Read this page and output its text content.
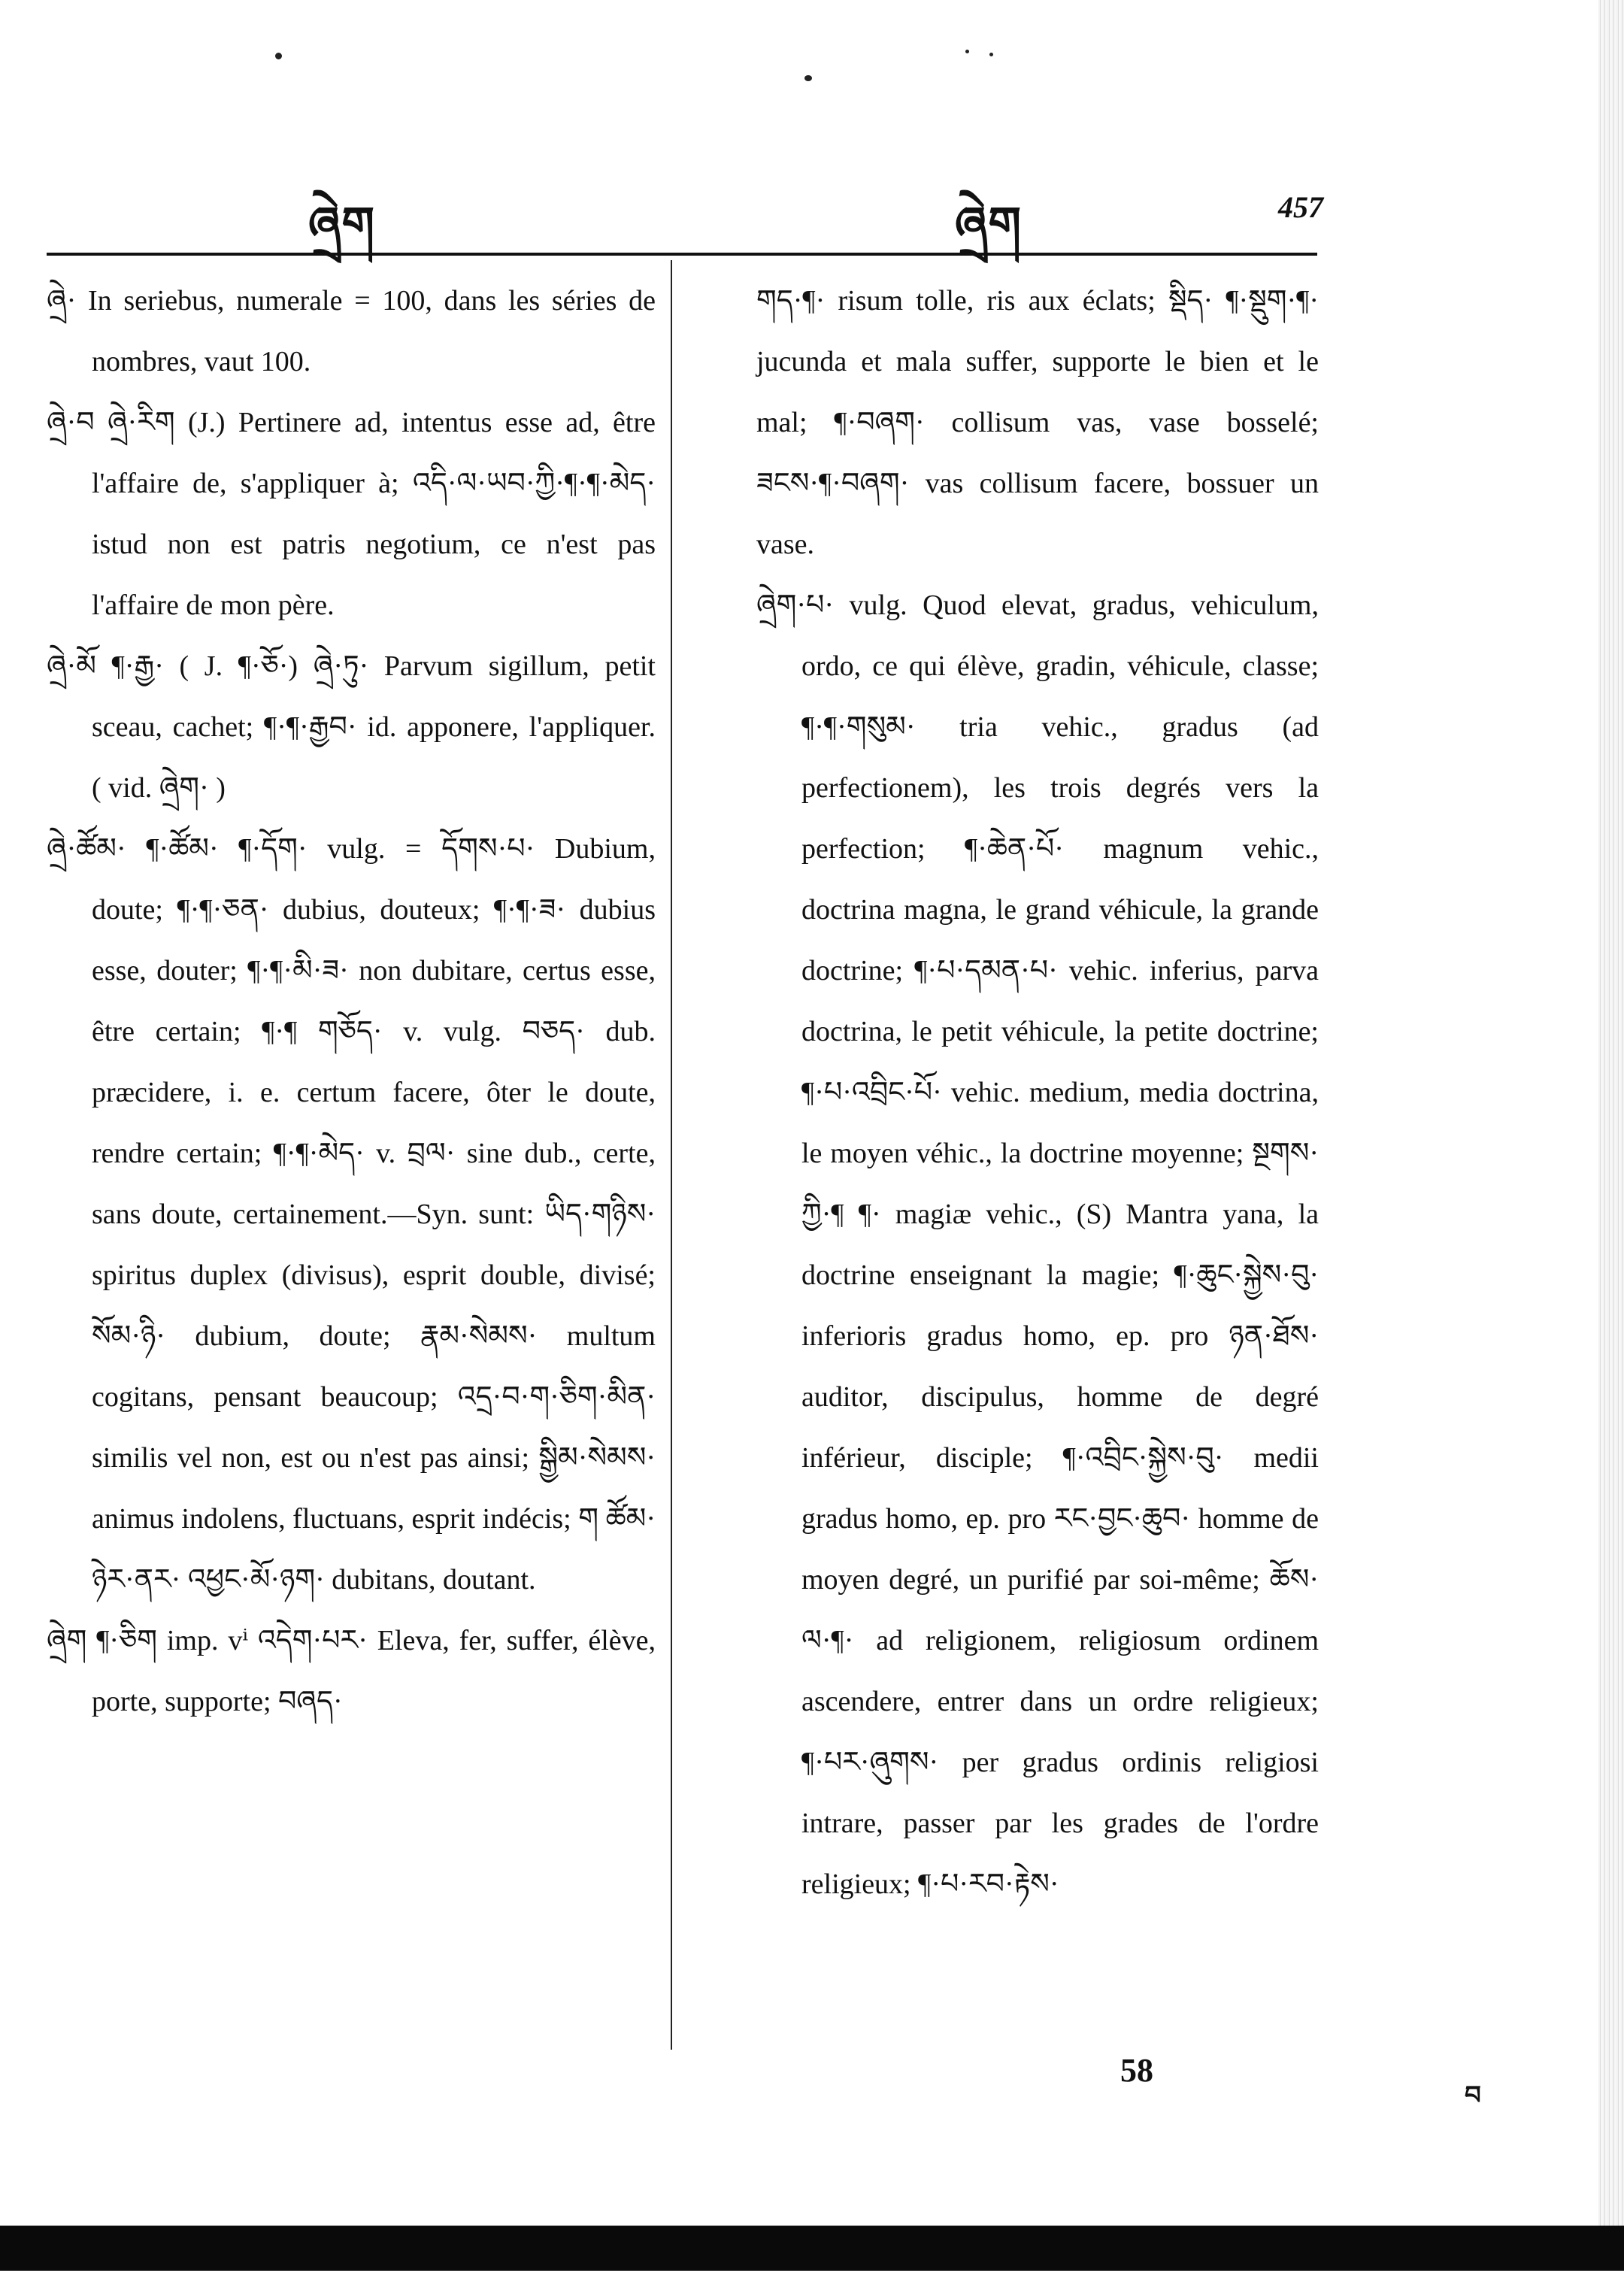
ཞྲེག	ཞྲེག	457

ཞྲེ· In seriebus, numerale = 100, dans les séries de nombres, vaut 100.

ཞྲེ·བ ཞྲེ·རིག (J.) Pertinere ad, intentus esse ad, être l'affaire de, s'appliquer à; འདི·ལ·ཡབ·ཀྱི·¶·¶·མེད· istud non est patris negotium, ce n'est pas l'affaire de mon père.

ཞྲེ·མོ ¶·རྒྱ· ( J. ¶·ཅོ·) ཞྲེ·ཏུ· Parvum sigillum, petit sceau, cachet; ¶·¶·རྒྱབ· id. apponere, l'appliquer. ( vid. ཞྲེག· )

ཞྲེ·ཚོམ· ¶·ཚོམ· ¶·དོག· vulg. = དོགས·པ· Dubium, doute; ¶·¶·ཅན· dubius, douteux; ¶·¶·ཟ· dubius esse, douter; ¶·¶·མི·ཟ· non dubitare, certus esse, être certain; ¶·¶ གཅོད· v. vulg. བཅད· dub. præcidere, i. e. certum facere, ôter le doute, rendre certain; ¶·¶·མེད· v. བྲལ· sine dub., certe, sans doute, certainement.—Syn. sunt: ཡིད·གཉིས· spiritus duplex (divisus), esprit double, divisé; སོམ·ཉི· dubium, doute; རྣམ·སེམས· multum cogitans, pensant beaucoup; འདྲ·བ·ག·ཅིག·མིན· similis vel non, est ou n'est pas ainsi; སྒྱིམ·སེམས· animus indolens, fluctuans, esprit indécis; ག ཚོམ· ཉེར·ནར· འཕྱང·མོ·ཉག· dubitans, doutant.

ཞྲེག ¶·ཅིག imp. vⁱ འདེག·པར· Eleva, fer, suffer, élève, porte, supporte; བཞད·

གད·¶· risum tolle, ris aux éclats; སྡིད· ¶·སྡུག·¶· jucunda et mala suffer, supporte le bien et le mal; ¶·བཞག· collisum vas, vase bosselé; ཟངས·¶·བཞག· vas collisum facere, bossuer un vase.

ཞྲེག·པ· vulg. Quod elevat, gradus, vehiculum, ordo, ce qui élève, gradin, véhicule, classe; ¶·¶·གསུམ· tria vehic., gradus (ad perfectionem), les trois degrés vers la perfection; ¶·ཆེན·པོ· magnum vehic., doctrina magna, le grand véhicule, la grande doctrine; ¶·པ·དམན·པ· vehic. inferius, parva doctrina, le petit véhicule, la petite doctrine; ¶·པ·འབྲིང·པོ· vehic. medium, media doctrina, le moyen véhic., la doctrine moyenne; སྔགས· ཀྱི·¶ ¶· magiæ vehic., (S) Mantra yana, la doctrine enseignant la magie; ¶·ཆུང·སྐྱེས·བུ· inferioris gradus homo, ep. pro ཉན·ཐོས· auditor, discipulus, homme de degré inférieur, disciple; ¶·འབྲིང·སྐྱེས·བུ· medii gradus homo, ep. pro རང·བྱང·ཆུབ· homme de moyen degré, un purifié par soi-même; ཆོས· ལ·¶· ad religionem, religiosum ordinem ascendere, entrer dans un ordre religieux; ¶·པར·ཞུགས· per gradus ordinis religiosi intrare, passer par les grades de l'ordre religieux; ¶·པ·རབ·རྟེས·

58
བ
